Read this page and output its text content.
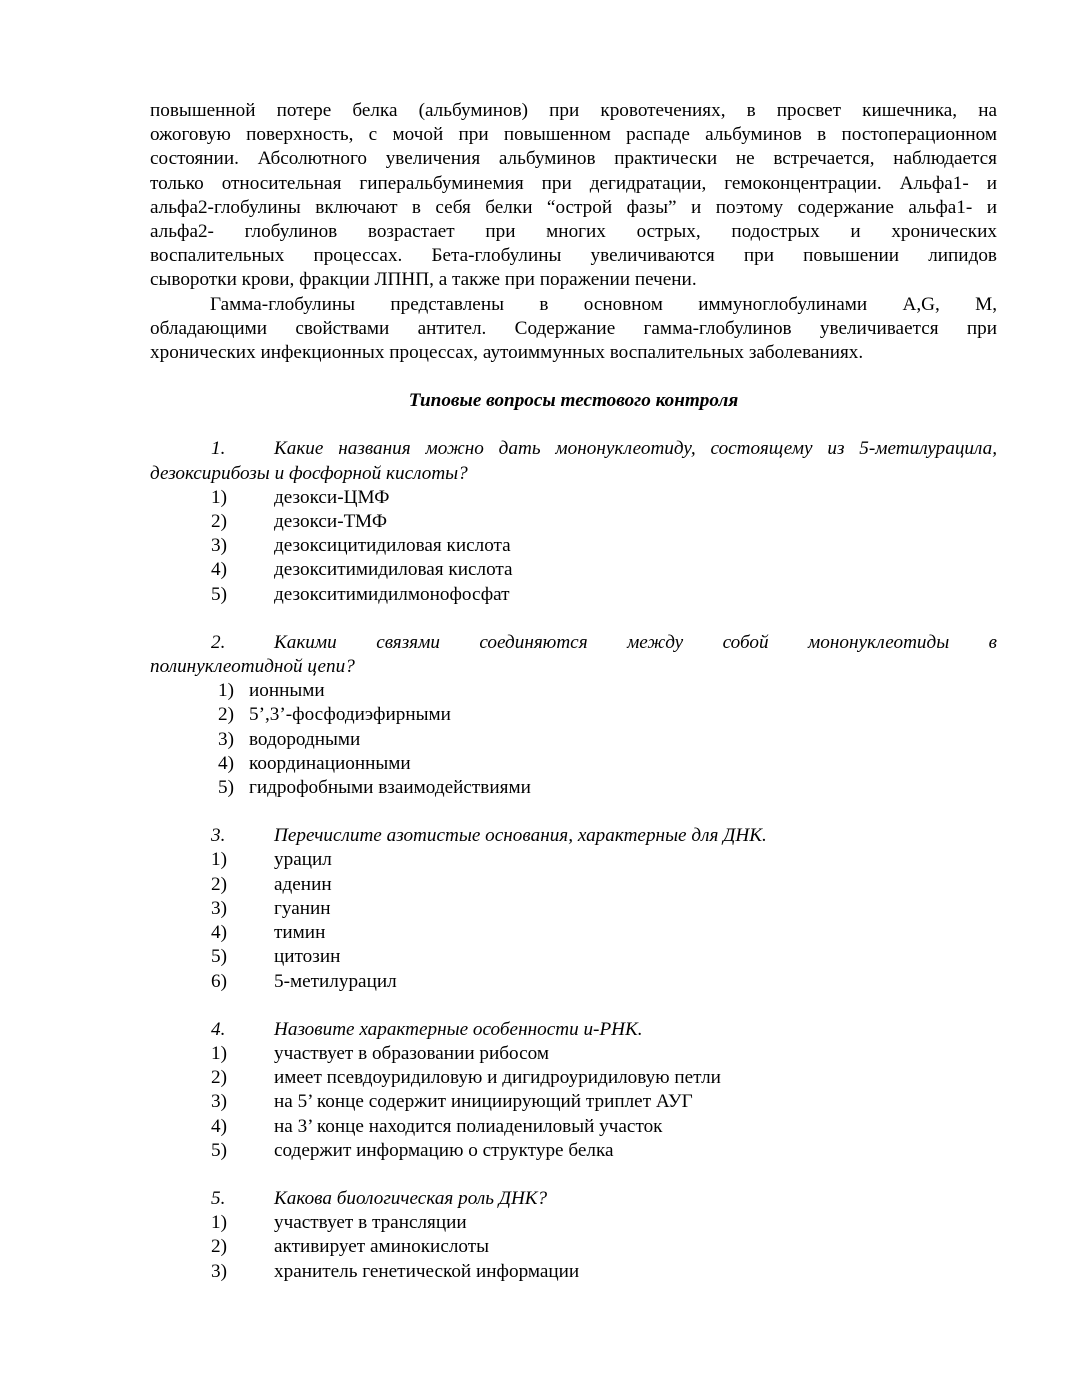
повышенной потере белка (альбуминов) при кровотечениях, в просвет кишечника, на

ожоговую поверхность, с мочой при повышенном распаде альбуминов в постоперационном

состоянии. Абсолютного увеличения альбуминов практически не встречается, наблюдается

только относительная гиперальбуминемия при дегидратации, гемоконцентрации. Альфа1- и

альфа2-глобулины включают в себя белки “острой фазы” и поэтому содержание альфа1- и

альфа2- глобулинов возрастает при многих острых, подострых и хронических

воспалительных процессах. Бета-глобулины увеличиваются при повышении липидов

сыворотки крови, фракции ЛПНП, а также при поражении печени.

Гамма-глобулины представлены в основном иммуноглобулинами А,G, М,

обладающими свойствами антител. Содержание гамма-глобулинов увеличивается при

хронических инфекционных процессах, аутоиммунных воспалительных заболеваниях.

Типовые вопросы тестового контроля

1.	Какие названия можно дать мононуклеотиду, состоящему из 5-метилурацила,

дезоксирибозы и фосфорной кислоты?

1)	дезокси-ЦМФ
2)	дезокси-ТМФ
3)	дезоксицитидиловая кислота
4)	дезокситимидиловая кислота
5)	дезокситимидилмонофосфат
2.	Какими связями соединяются между собой мононуклеотиды в

полинуклеотидной цепи?

1) ионными
2) 5’,3’-фосфодиэфирными
3) водородными
4) координационными
5) гидрофобными взаимодействиями
3.	Перечислите азотистые основания, характерные для ДНК.
1)	урацил
2)	аденин
3)	гуанин
4)	тимин
5)	цитозин
6)	5-метилурацил
4.	Назовите характерные особенности и-РНК.
1)	участвует в образовании рибосом
2)	имеет псевдоуридиловую и дигидроуридиловую петли
3)	на 5’ конце содержит инициирующий триплет АУГ
4)	на 3’ конце находится полиадениловый участок
5)	содержит информацию о структуре белка
5.	Какова биологическая роль ДНК?
1)	участвует в трансляции
2)	активирует аминокислоты
3)	хранитель генетической информации
